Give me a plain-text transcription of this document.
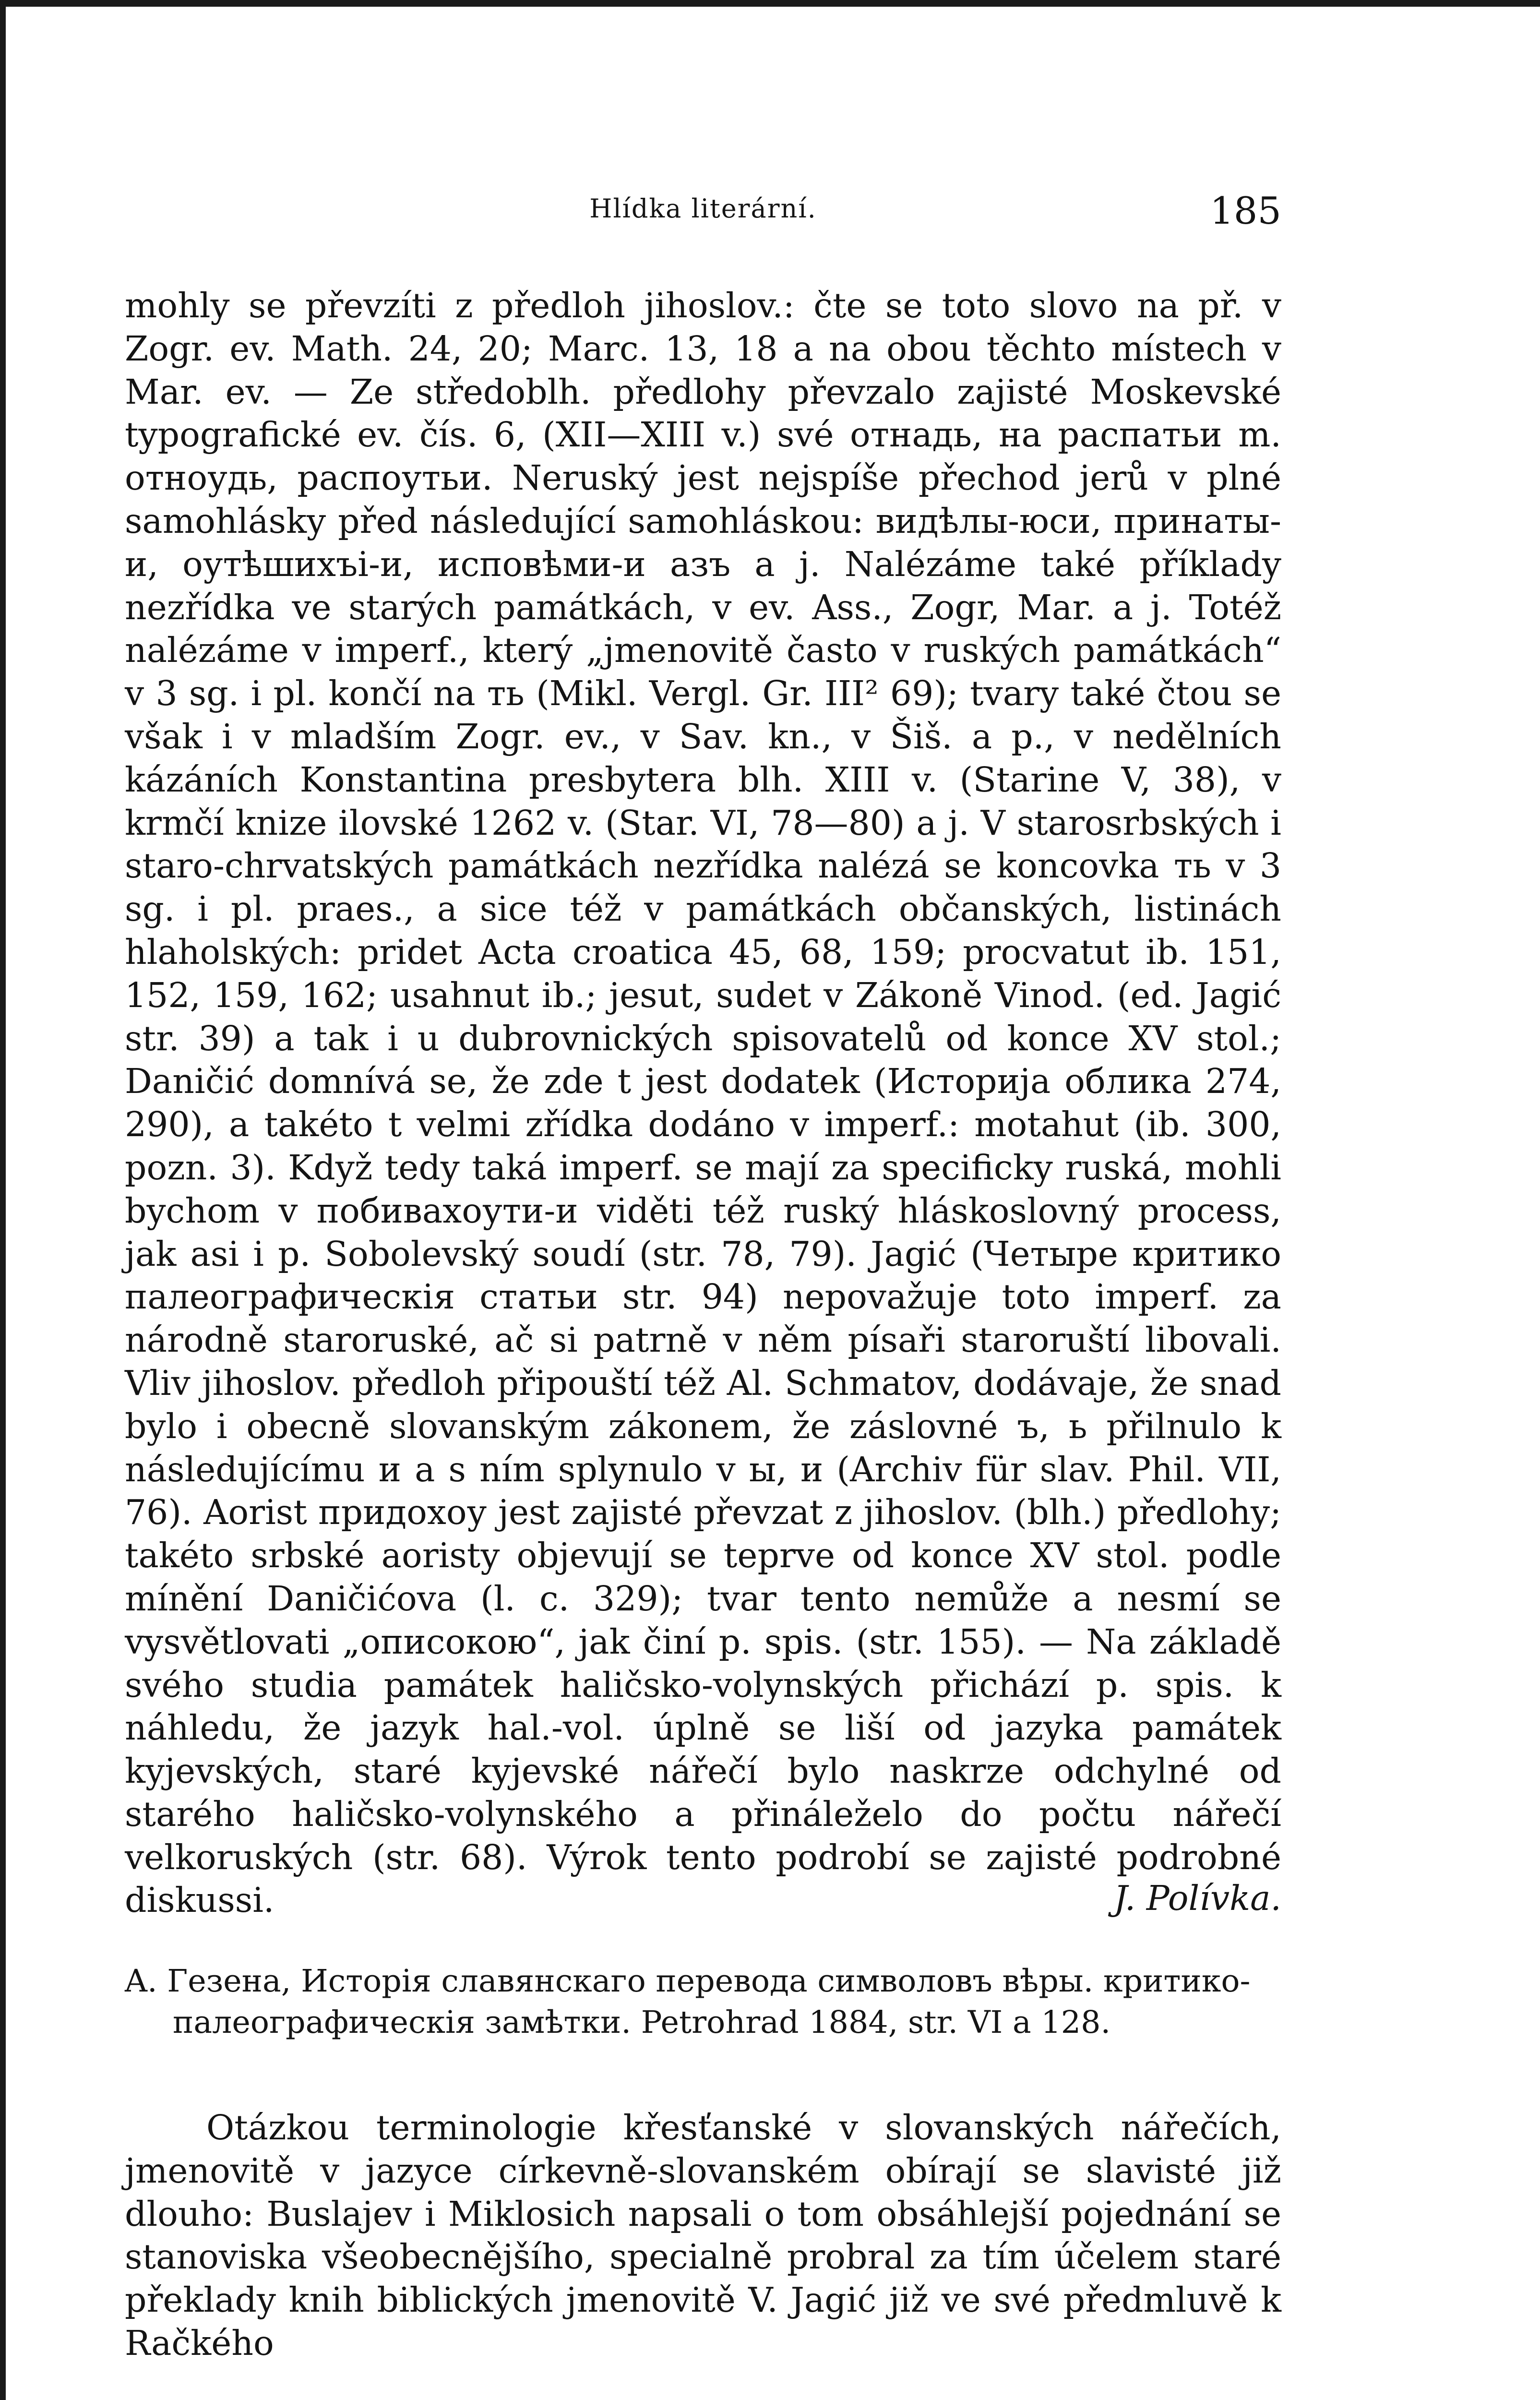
Hlídka literární.	185

mohly se převzíti z předloh jihoslov.: čte se toto slovo na př. v Zogr. ev. Math. 24, 20; Marc. 13, 18 a na obou těchto místech v Mar. ev. — Ze středoblh. předlohy převzalo zajisté Moskevské typografické ev. čís. 6, (XII—XIII v.) své отнадь, на распатьи m. отноудь, распоутьи. Neruský jest nejspíše přechod jerů v plné samohlásky před následující samohláskou: видѣлы-юси, принаты-и, оутѣшихъі-и, исповѣми-и азъ a j. Nalézáme také příklady nezřídka ve starých památkách, v ev. Ass., Zogr, Mar. a j. Totéž nalézáme v imperf., který „jmenovitě často v ruských památkách“ v 3 sg. i pl. končí na ть (Mikl. Vergl. Gr. III² 69); tvary také čtou se však i v mladším Zogr. ev., v Sav. kn., v Šiš. a p., v nedělních kázáních Konstantina presbytera blh. XIII v. (Starine V, 38), v krmčí knize ilovské 1262 v. (Star. VI, 78—80) a j. V starosrbských i staro-chrvatských památkách nezřídka nalézá se koncovka ть v 3 sg. i pl. praes., a sice též v památkách občanských, listinách hlaholských: pridet Acta croatica 45, 68, 159; procvatut ib. 151, 152, 159, 162; usahnut ib.; jesut, sudet v Zákoně Vinod. (ed. Jagić str. 39) a tak i u dubrovnických spisovatelů od konce XV stol.; Daničić domnívá se, že zde t jest dodatek (Историја облика 274, 290), a takéto t velmi zřídka dodáno v imperf.: motahut (ib. 300, pozn. 3). Když tedy taká imperf. se mají za specificky ruská, mohli bychom v побивахоути-и viděti též ruský hláskoslovný process, jak asi i p. Sobolevský soudí (str. 78, 79). Jagić (Четыре критико палеографическія статьи str. 94) nepovažuje toto imperf. za národně staroruské, ač si patrně v něm písaři staroruští libovali. Vliv jihoslov. předloh připouští též Al. Schmatov, dodávaje, že snad bylo i obecně slovanským zákonem, že záslovné ъ, ь přilnulo k následujícímu и a s ním splynulo v ы, и (Archiv für slav. Phil. VII, 76). Aorist придохоу jest zajisté převzat z jihoslov. (blh.) předlohy; takéto srbské aoristy objevují se teprve od konce XV stol. podle mínění Daničićova (l. c. 329); tvar tento nemůže a nesmí se vysvětlovati „описокою“, jak činí p. spis. (str. 155). — Na základě svého studia památek haličsko-volynských přichází p. spis. k náhledu, že jazyk hal.-vol. úplně se liší od jazyka památek kyjevských, staré kyjevské nářečí bylo naskrze odchylné od starého haličsko-volynského a přináleželo do počtu nářečí velkoruských (str. 68). Výrok tento podrobí se zajisté podrobné diskussi.	J. Polívka.

A. Гезена, Исторія славянскаго перевода символовъ вѣры. критико-палеографическія замѣтки. Petrohrad 1884, str. VI a 128.

Otázkou terminologie křesťanské v slovanských nářečích, jmenovitě v jazyce církevně-slovanském obírají se slavisté již dlouho: Buslajev i Miklosich napsali o tom obsáhlejší pojednání se stanoviska všeobecnějšího, specialně probral za tím účelem staré překlady knih biblických jmenovitě V. Jagić již ve své předmluvě k Račkého
